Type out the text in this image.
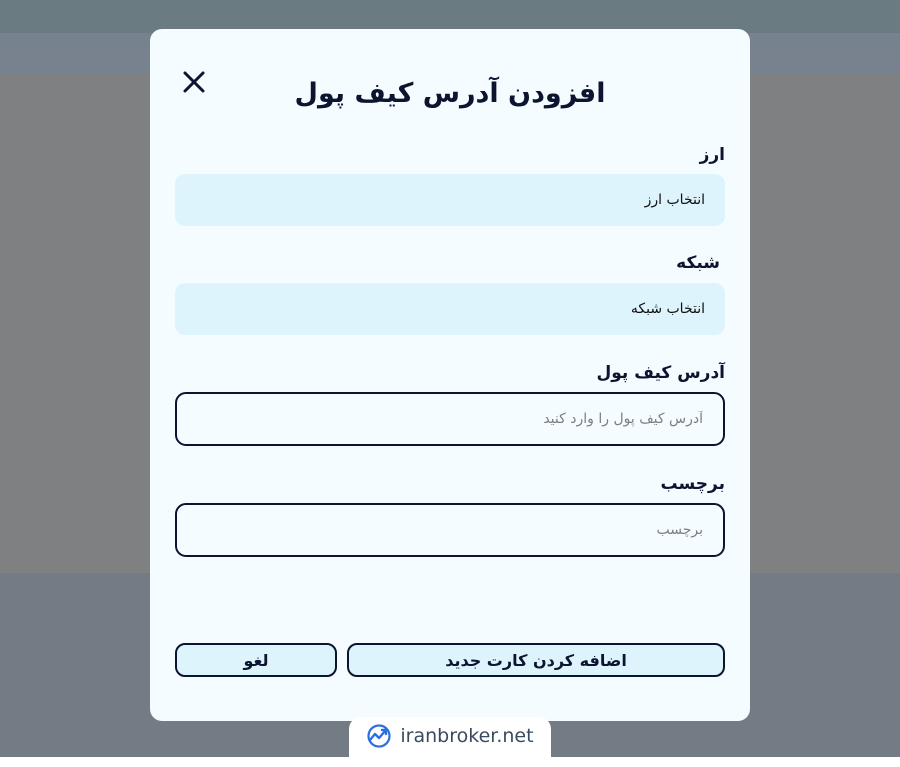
افزودن آدرس کیف پول
ارز
انتخاب ارز
شبکه
انتخاب شبکه
آدرس کیف پول
آدرس کیف پول را وارد کنید
برچسب
برچسب
اضافه کردن کارت جدید
لغو
iranbroker.net
